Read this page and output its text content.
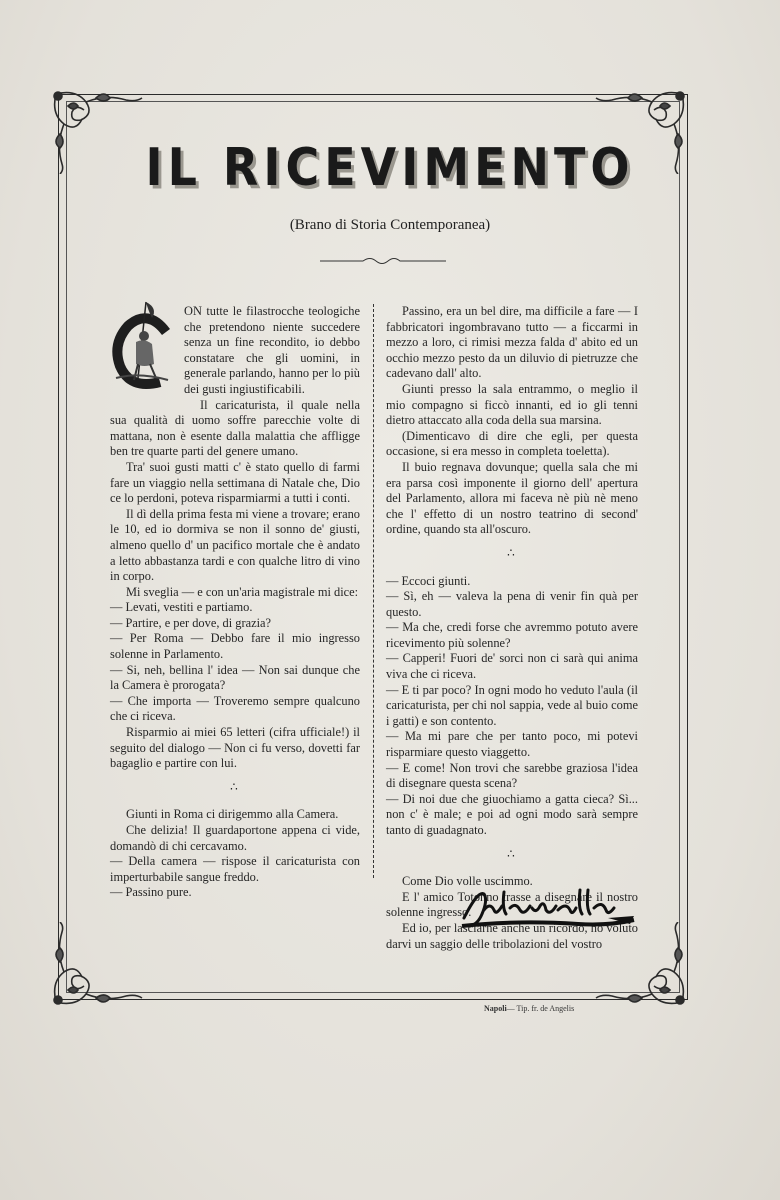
IL RICEVIMENTO
(Brano di Storia Contemporanea)

ON tutte le filastrocche teologiche che pretendono niente succedere senza un fine recondito, io debbo constatare che gli uomini, in generale parlando, hanno per lo più dei gusti ingiustificabili.

Il caricaturista, il quale nella sua qualità di uomo soffre parecchie volte di mattana, non è esente dalla malattia che affligge ben tre quarte parti del genere umano.

Tra' suoi gusti matti c' è stato quello di farmi fare un viaggio nella settimana di Natale che, Dio ce lo perdoni, poteva risparmiarmi a tutti i conti.

Il dì della prima festa mi viene a trovare; erano le 10, ed io dormiva se non il sonno de' giusti, almeno quello d' un pacifico mortale che è andato a letto abbastanza tardi e con qualche litro di vino in corpo.

Mi sveglia — e con un'aria magistrale mi dice:

— Levati, vestiti e partiamo.

— Partire, e per dove, di grazia?

— Per Roma — Debbo fare il mio ingresso solenne in Parlamento.

— Si, neh, bellina l' idea — Non sai dunque che la Camera è prorogata?

— Che importa — Troveremo sempre qualcuno che ci riceva.

Risparmio ai miei 65 letteri (cifra ufficiale!) il seguito del dialogo — Non ci fu verso, dovetti far bagaglio e partire con lui.

∴

Giunti in Roma ci dirigemmo alla Camera.

Che delizia! Il guardaportone appena ci vide, domandò di chi cercavamo.

— Della camera — rispose il caricaturista con imperturbabile sangue freddo.

— Passino pure.

Passino, era un bel dire, ma difficile a fare — I fabbricatori ingombravano tutto — a ficcarmi in mezzo a loro, ci rimisi mezza falda d' abito ed un occhio mezzo pesto da un diluvio di pietruzze che cadevano dall' alto.

Giunti presso la sala entrammo, o meglio il mio compagno si ficcò innanti, ed io gli tenni dietro attaccato alla coda della sua marsina.

(Dimenticavo di dire che egli, per questa occasione, si era messo in completa toeletta).

Il buio regnava dovunque; quella sala che mi era parsa così imponente il giorno dell' apertura del Parlamento, allora mi faceva nè più nè meno che l' effetto di un nostro teatrino di second' ordine, quando sta all'oscuro.

∴

— Eccoci giunti.

— Sì, eh — valeva la pena di venir fin quà per questo.

— Ma che, credi forse che avremmo potuto avere ricevimento più solenne?

— Capperi! Fuori de' sorci non ci sarà qui anima viva che ci riceva.

— E ti par poco? In ogni modo ho veduto l'aula (il caricaturista, per chi nol sappia, vede al buio come i gatti) e son contento.

— Ma mi pare che per tanto poco, mi potevi risparmiare questo viaggetto.

— E come! Non trovi che sarebbe graziosa l'idea di disegnare questa scena?

— Di noi due che giuochiamo a gatta cieca? Sì... non c' è male; e poi ad ogni modo sarà sempre tanto di guadagnato.

∴

Come Dio volle uscimmo.

E l' amico Totonno trasse a disegnare il nostro solenne ingresso.

Ed io, per lasciarne anche un ricordo, ho voluto darvi un saggio delle tribolazioni del vostro

Napoli— Tip. fr. de Angelis
